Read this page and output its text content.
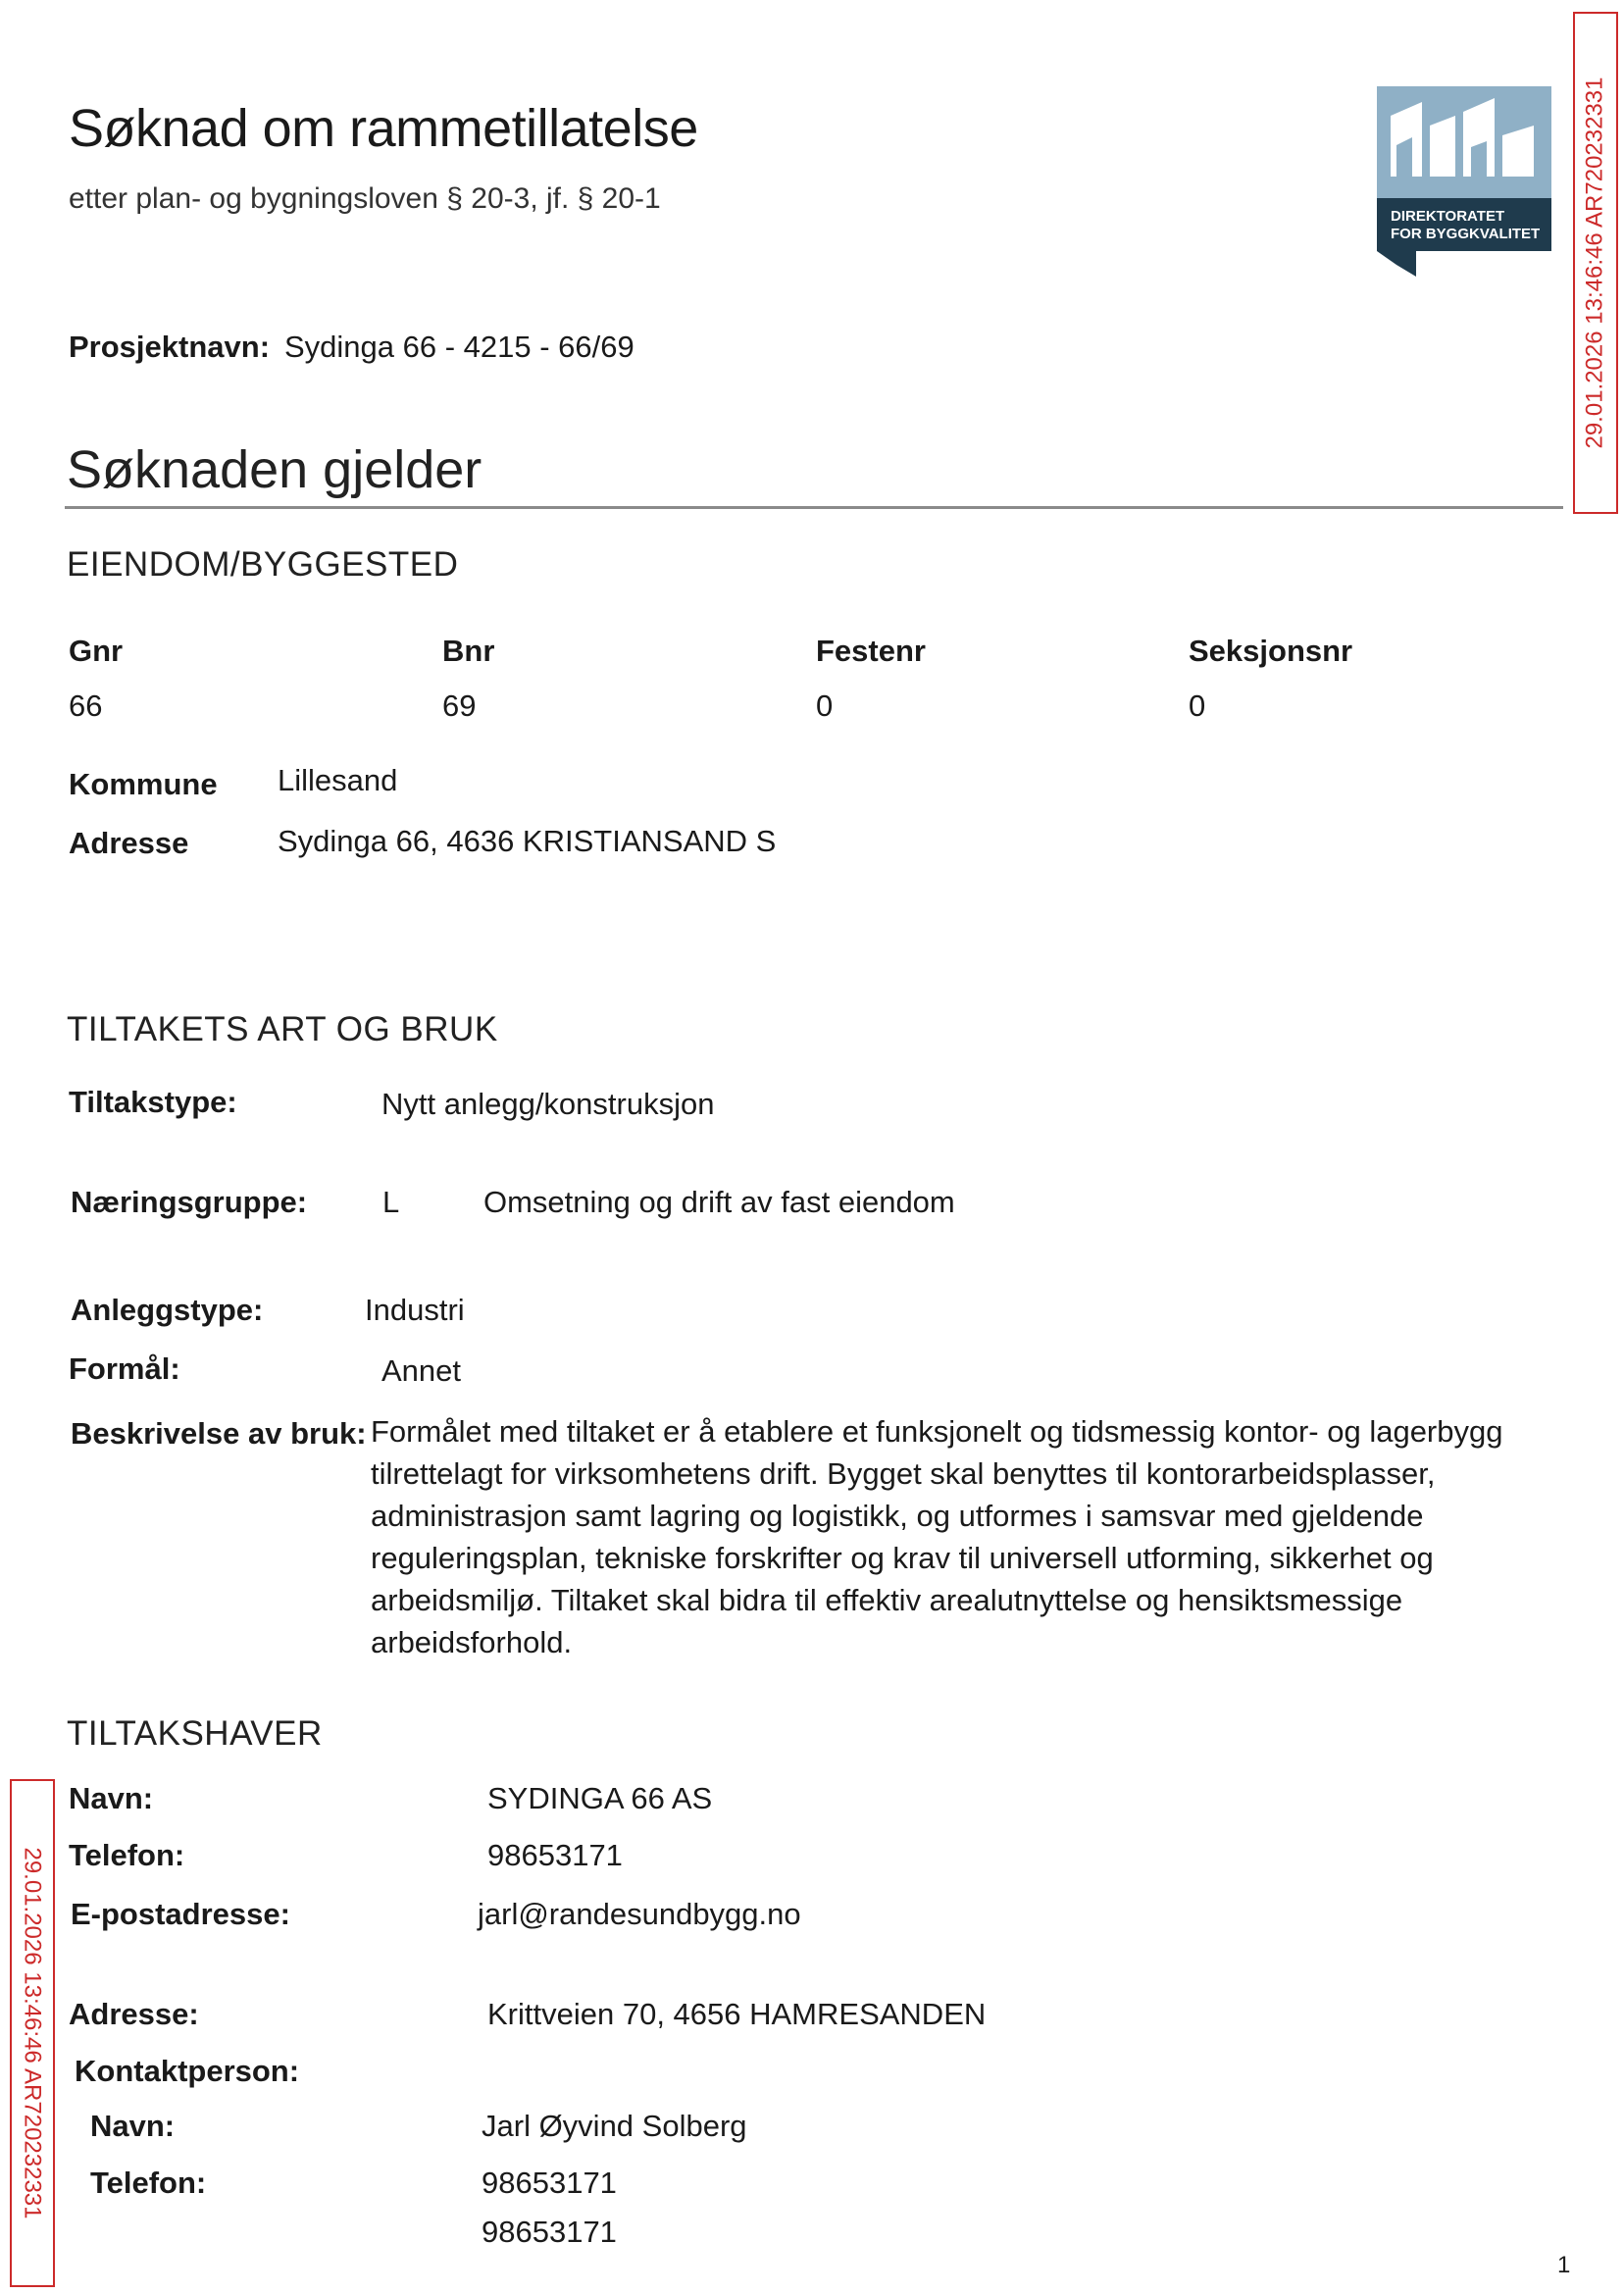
Søknad om rammetillatelse
etter plan- og bygningsloven § 20-3, jf. § 20-1
DIREKTORATET
FOR BYGGKVALITET 29.01.2026 13:46:46 AR720232331
29.01.2026 13:46:46 AR720232331
Prosjektnavn: Sydinga 66 - 4215 - 66/69
Søknaden gjelder
EIENDOM/BYGGESTED
Gnr	Bnr	Festenr	Seksjonsnr
66	69	0	0
Kommune Lillesand
Adresse	Sydinga 66, 4636 KRISTIANSAND S
TILTAKETS ART OG BRUK
Tiltakstype:	Nytt anlegg/konstruksjon
Næringsgruppe: L	Omsetning og drift av fast eiendom
Anleggstype:	Industri
Formål:	Annet
Beskrivelse av bruk: Formålet med tiltaket er å etablere et funksjonelt og tidsmessig kontor- og lagerbygg
tilrettelagt for virksomhetens drift. Bygget skal benyttes til kontorarbeidsplasser,
administrasjon samt lagring og logistikk, og utformes i samsvar med gjeldende
reguleringsplan, tekniske forskrifter og krav til universell utforming, sikkerhet og
arbeidsmiljø. Tiltaket skal bidra til effektiv arealutnyttelse og hensiktsmessige
arbeidsforhold.
TILTAKSHAVER
Navn:	SYDINGA 66 AS
Telefon:	98653171
E-postadresse:	jarl@randesundbygg.no
Adresse:	Krittveien 70, 4656 HAMRESANDEN
Kontaktperson:
Navn:	Jarl Øyvind Solberg
Telefon:	98653171
98653171
1
